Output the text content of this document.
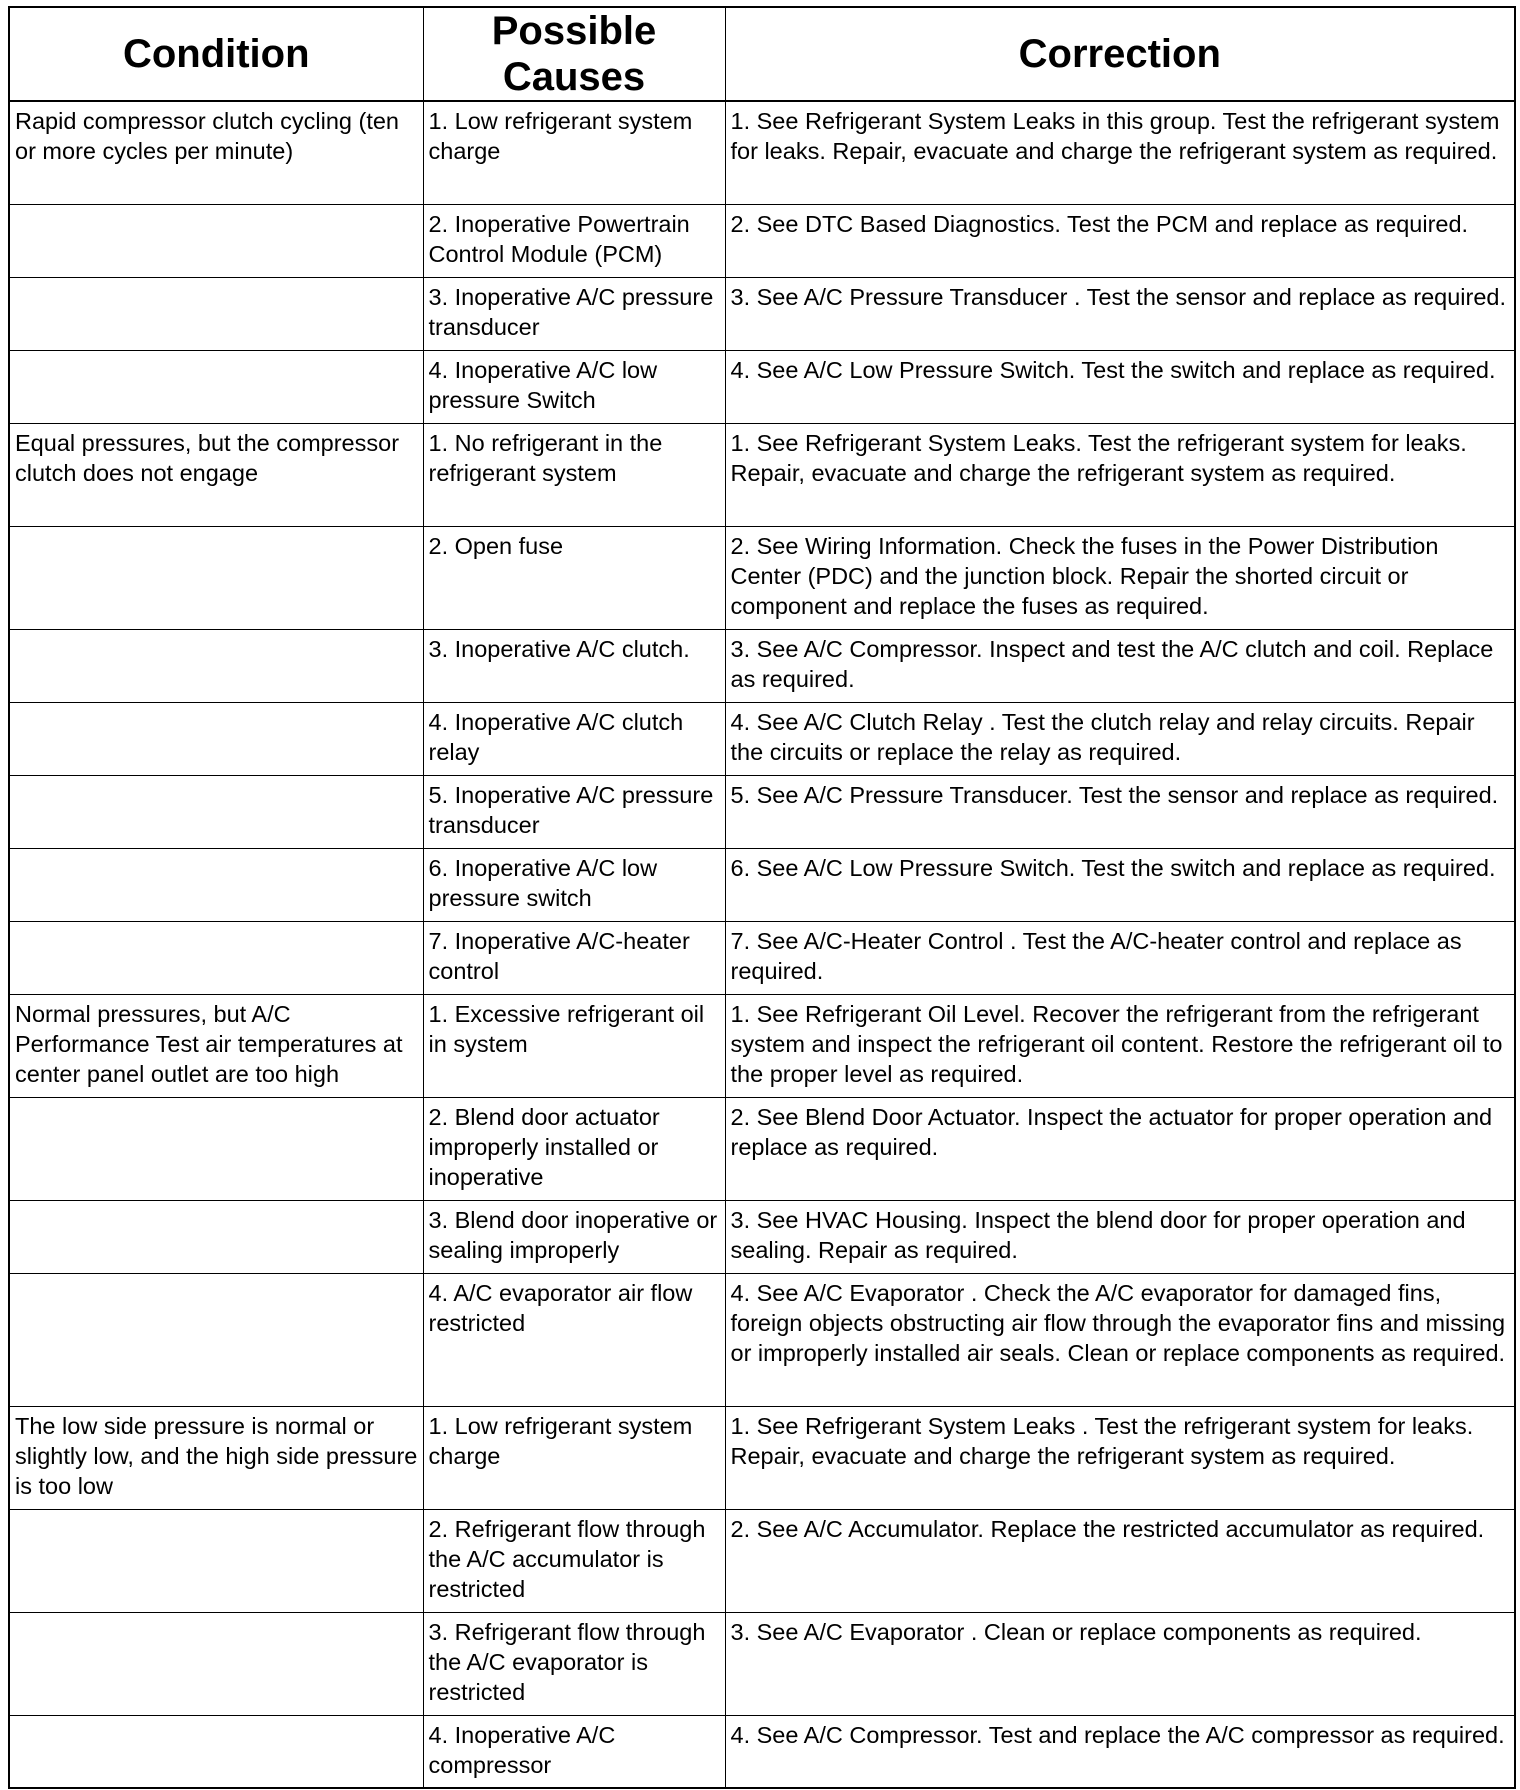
Condition	Possible Causes	Correction
Rapid compressor clutch cycling (ten or more cycles per minute)	1. Low refrigerant system charge	1. See Refrigerant System Leaks in this group. Test the refrigerant system for leaks. Repair, evacuate and charge the refrigerant system as required.
	2. Inoperative Powertrain Control Module (PCM)	2. See DTC Based Diagnostics. Test the PCM and replace as required.
	3. Inoperative A/C pressure transducer	3. See A/C Pressure Transducer . Test the sensor and replace as required.
	4. Inoperative A/C low pressure Switch	4. See A/C Low Pressure Switch. Test the switch and replace as required.
Equal pressures, but the compressor clutch does not engage	1. No refrigerant in the refrigerant system	1. See Refrigerant System Leaks. Test the refrigerant system for leaks. Repair, evacuate and charge the refrigerant system as required.
	2. Open fuse	2. See Wiring Information. Check the fuses in the Power Distribution Center (PDC) and the junction block. Repair the shorted circuit or component and replace the fuses as required.
	3. Inoperative A/C clutch.	3. See A/C Compressor. Inspect and test the A/C clutch and coil. Replace as required.
	4. Inoperative A/C clutch relay	4. See A/C Clutch Relay . Test the clutch relay and relay circuits. Repair the circuits or replace the relay as required.
	5. Inoperative A/C pressure transducer	5. See A/C Pressure Transducer. Test the sensor and replace as required.
	6. Inoperative A/C low pressure switch	6. See A/C Low Pressure Switch. Test the switch and replace as required.
	7. Inoperative A/C-heater control	7. See A/C-Heater Control . Test the A/C-heater control and replace as required.
Normal pressures, but A/C Performance Test air temperatures at center panel outlet are too high	1. Excessive refrigerant oil in system	1. See Refrigerant Oil Level. Recover the refrigerant from the refrigerant system and inspect the refrigerant oil content. Restore the refrigerant oil to the proper level as required.
	2. Blend door actuator improperly installed or inoperative	2. See Blend Door Actuator. Inspect the actuator for proper operation and replace as required.
	3. Blend door inoperative or sealing improperly	3. See HVAC Housing. Inspect the blend door for proper operation and sealing. Repair as required.
	4. A/C evaporator air flow restricted	4. See A/C Evaporator . Check the A/C evaporator for damaged fins, foreign objects obstructing air flow through the evaporator fins and missing or improperly installed air seals. Clean or replace components as required.
The low side pressure is normal or slightly low, and the high side pressure is too low	1. Low refrigerant system charge	1. See Refrigerant System Leaks . Test the refrigerant system for leaks. Repair, evacuate and charge the refrigerant system as required.
	2. Refrigerant flow through the A/C accumulator is restricted	2. See A/C Accumulator. Replace the restricted accumulator as required.
	3. Refrigerant flow through the A/C evaporator is restricted	3. See A/C Evaporator . Clean or replace components as required.
	4. Inoperative A/C compressor	4. See A/C Compressor. Test and replace the A/C compressor as required.
